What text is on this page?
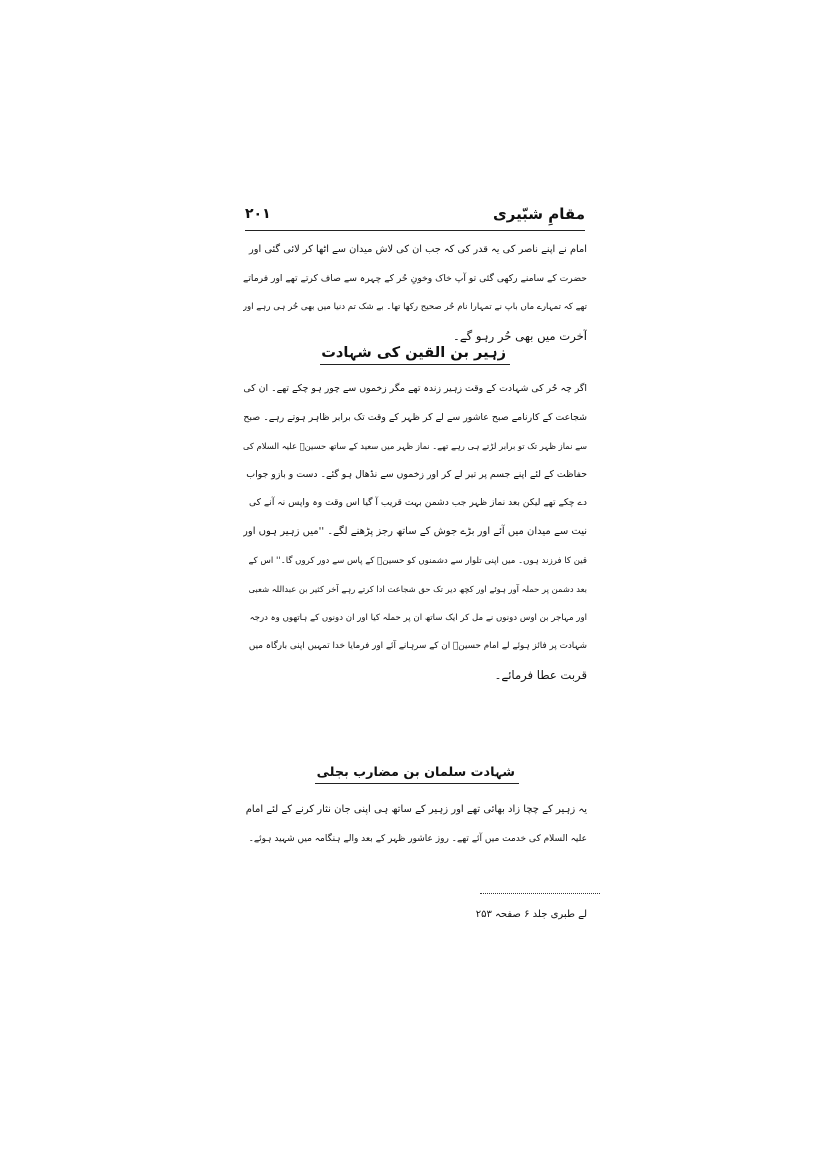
۲۰۱	مقامِ شبّیری
امام نے اپنے ناصر کی یہ قدر کی کہ جب ان کی لاش میدان سے اٹھا کر لائی گئی اور
حضرت کے سامنے رکھی گئی تو آپ خاک وخونِ حُر کے چہرہ سے صاف کرتے تھے اور فرماتے
تھے کہ تمہارے ماں باپ نے تمہارا نام حُر صحیح رکھا تھا۔ بے شک تم دنیا میں بھی حُر ہی رہے اور
آخرت میں بھی حُر رہو گے۔
زہیر بن القین کی شہادت
اگر چہ حُر کی شہادت کے وقت زہیر زندہ تھے مگر زخموں سے چور ہو چکے تھے۔ ان کی
شجاعت کے کارنامے صبح عاشور سے لے کر ظہر کے وقت تک برابر ظاہر ہوتے رہے۔ صبح
سے نماز ظہر تک تو برابر لڑتے ہی رہے تھے۔ نماز ظہر میں سعید کے ساتھ حسینؑ علیہ السلام کی
حفاظت کے لئے اپنے جسم پر تیر لے کر اور زخموں سے نڈھال ہو گئے۔ دست و بازو جواب
دے چکے تھے لیکن بعد نماز ظہر جب دشمن بہت قریب آ گیا اس وقت وہ واپس نہ آنے کی
نیت سے میدان میں آئے اور بڑے جوش کے ساتھ رجز پڑھنے لگے۔ ''میں زہیر ہوں اور
قین کا فرزند ہوں۔ میں اپنی تلوار سے دشمنوں کو حسینؑ کے پاس سے دور کروں گا۔'' اس کے
بعد دشمن پر حملہ آور ہوئے اور کچھ دیر تک حق شجاعت ادا کرتے رہے آخر کثیر بن عبداللہ شعبی
اور مہاجر بن اوس دونوں نے مل کر ایک ساتھ ان پر حملہ کیا اور ان دونوں کے ہاتھوں وہ درجہ
شہادت پر فائز ہوئے لے امام حسینؑ ان کے سرہانے آئے اور فرمایا خدا تمہیں اپنی بارگاہ میں
قربت عطا فرمائے۔
شہادت سلمان بن مضارب بجلی
یہ زہیر کے چچا زاد بھائی تھے اور زہیر کے ساتھ ہی اپنی جان نثار کرنے کے لئے امام
علیہ السلام کی خدمت میں آئے تھے۔ روز عاشور ظہر کے بعد والے ہنگامہ میں شہید ہوئے۔
لے طبری جلد ۶ صفحہ ۲۵۳
